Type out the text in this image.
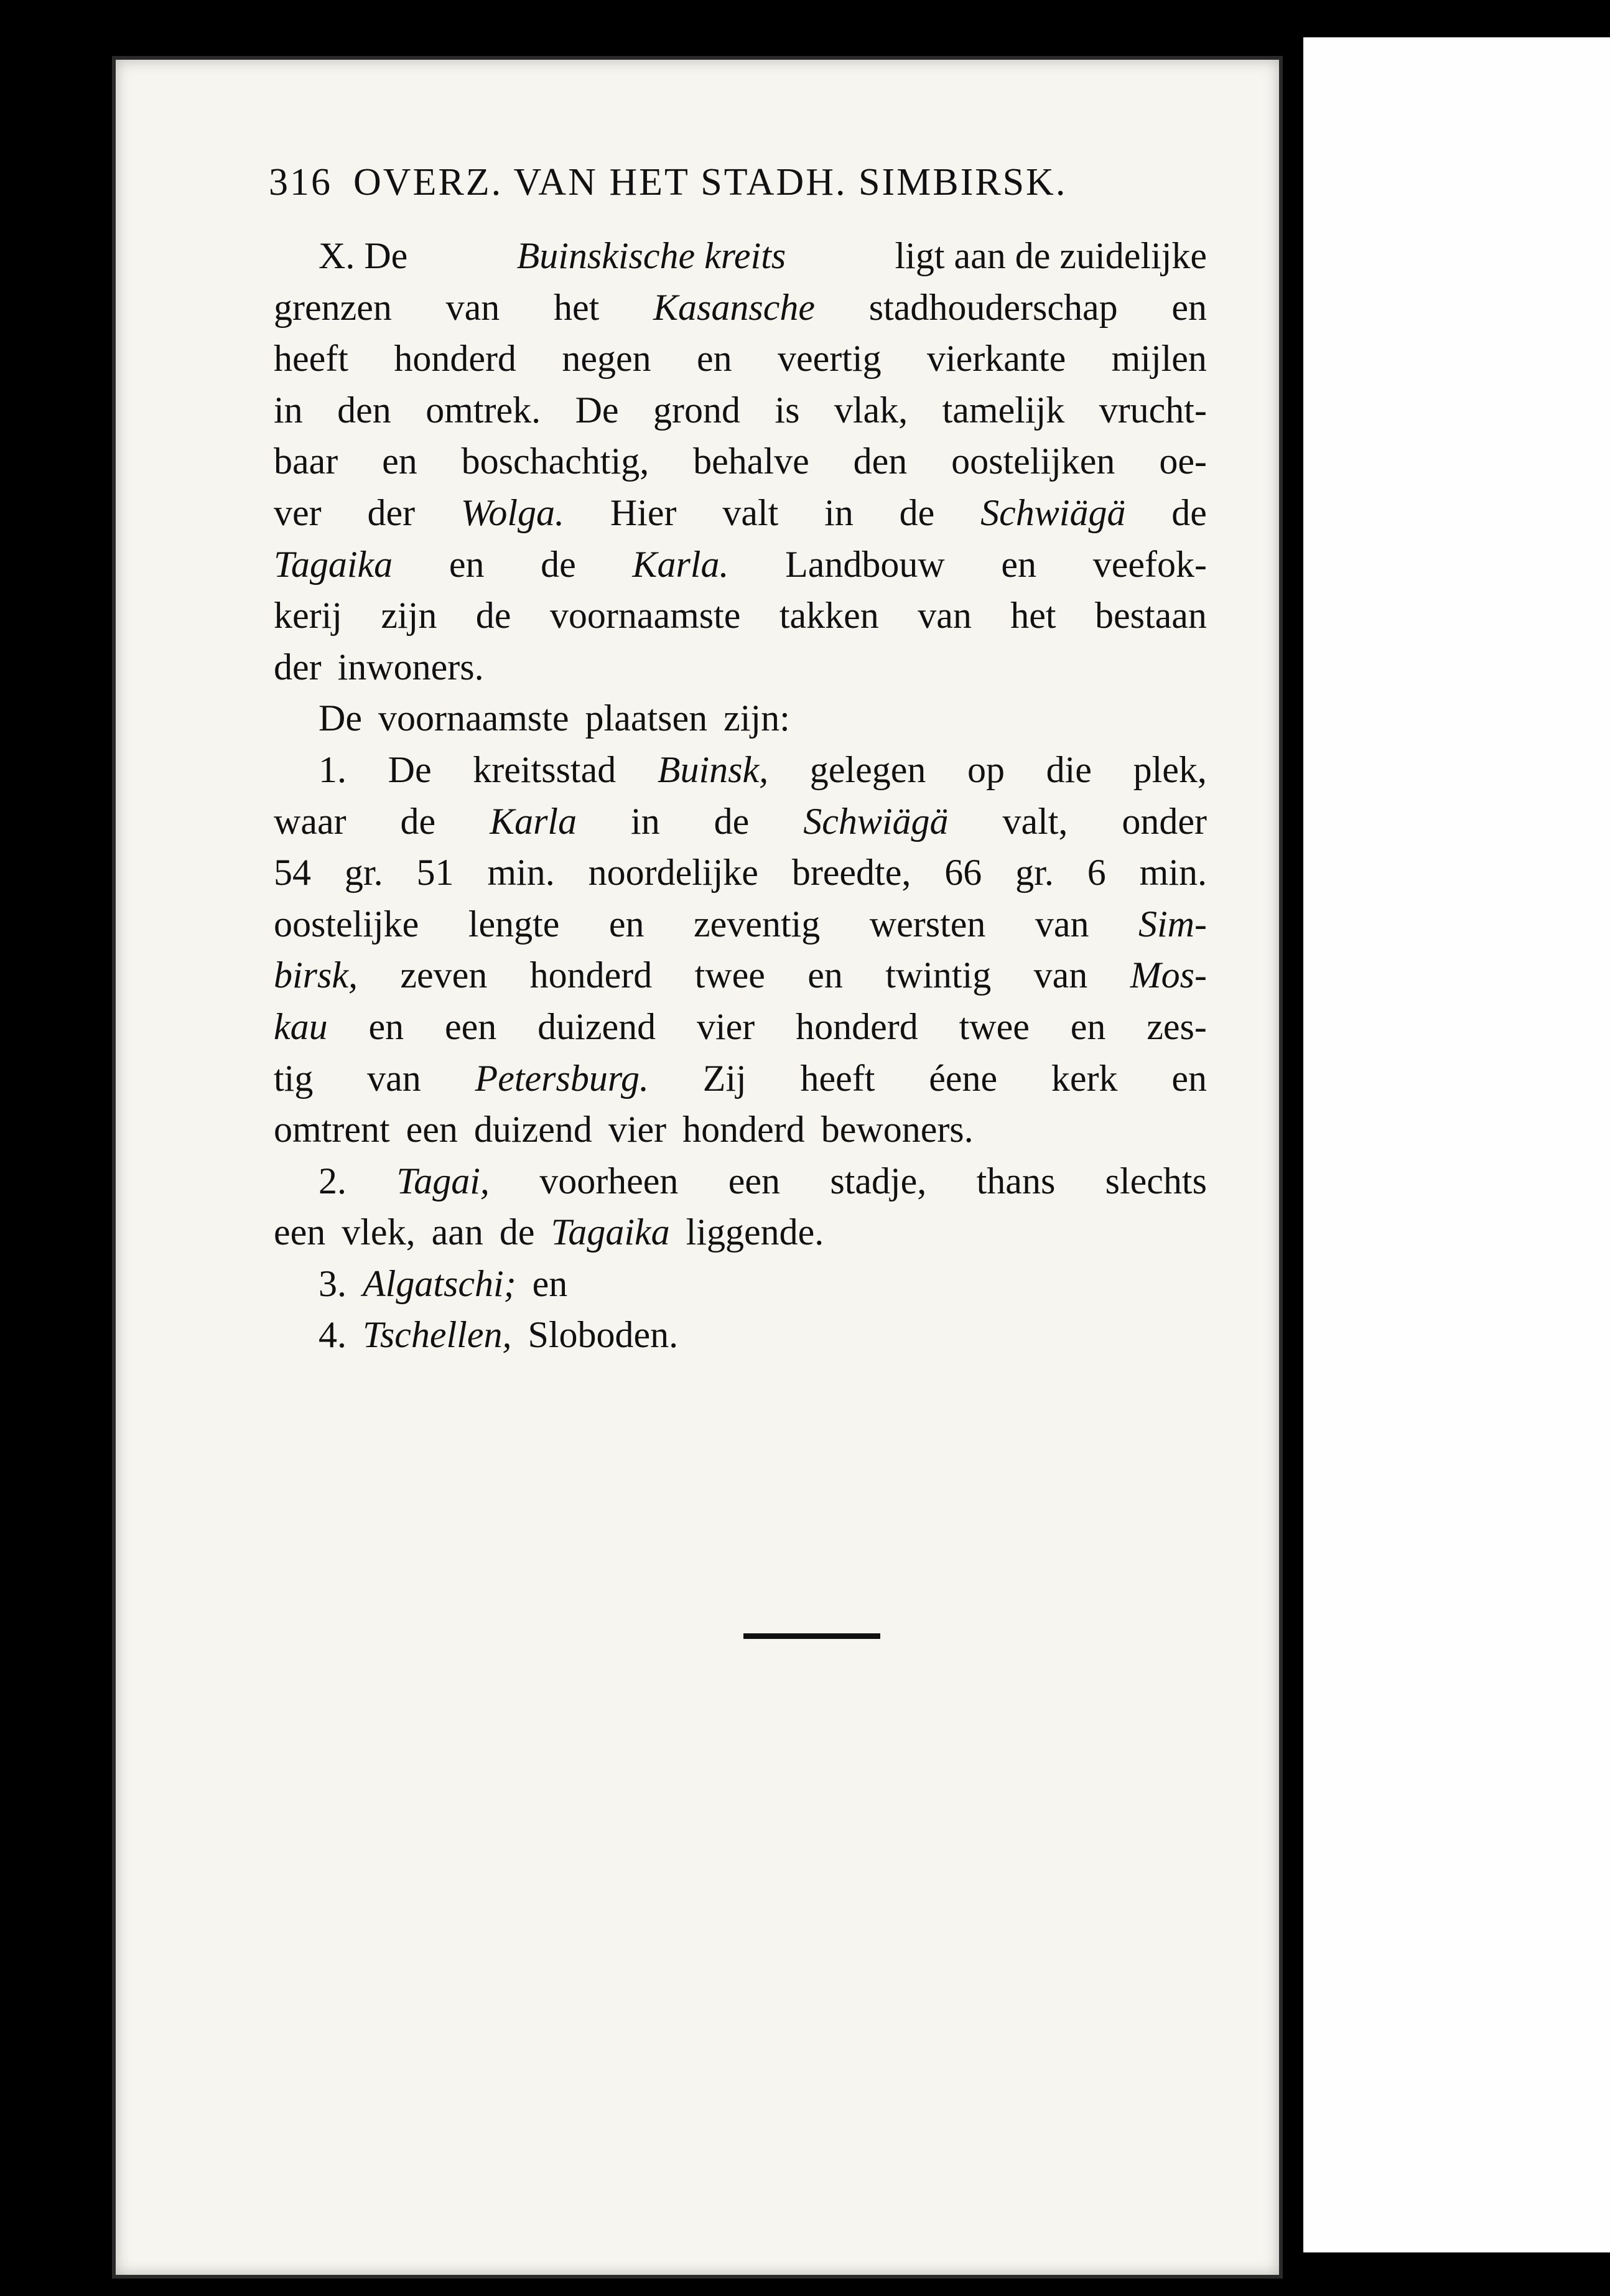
316 OVERZ. VAN HET STADH. SIMBIRSK.
X. De	Buinskische kreits	ligt aan de zuidelijke
grenzen van het Kasansche stadhouderschap en
heeft honderd negen en veertig vierkante mijlen
in den omtrek. De grond is vlak, tamelijk vrucht-
baar en boschachtig, behalve den oostelijken oe-
ver der Wolga. Hier valt in de Schwiägä de
Tagaika en de Karla. Landbouw en veefok-
kerij zijn de voornaamste takken van het bestaan
der inwoners.
De voornaamste plaatsen zijn:
1. De kreitsstad Buinsk, gelegen op die plek,
waar de Karla in de Schwiägä valt, onder
54 gr. 51 min. noordelijke breedte, 66 gr. 6 min.
oostelijke lengte en zeventig wersten van Sim-
birsk, zeven honderd twee en twintig van Mos-
kau en een duizend vier honderd twee en zes-
tig van Petersburg. Zij heeft éene kerk en
omtrent een duizend vier honderd bewoners.
2. Tagai, voorheen een stadje, thans slechts
een vlek, aan de Tagaika liggende.
3. Algatschi; en
4. Tschellen, Sloboden.
